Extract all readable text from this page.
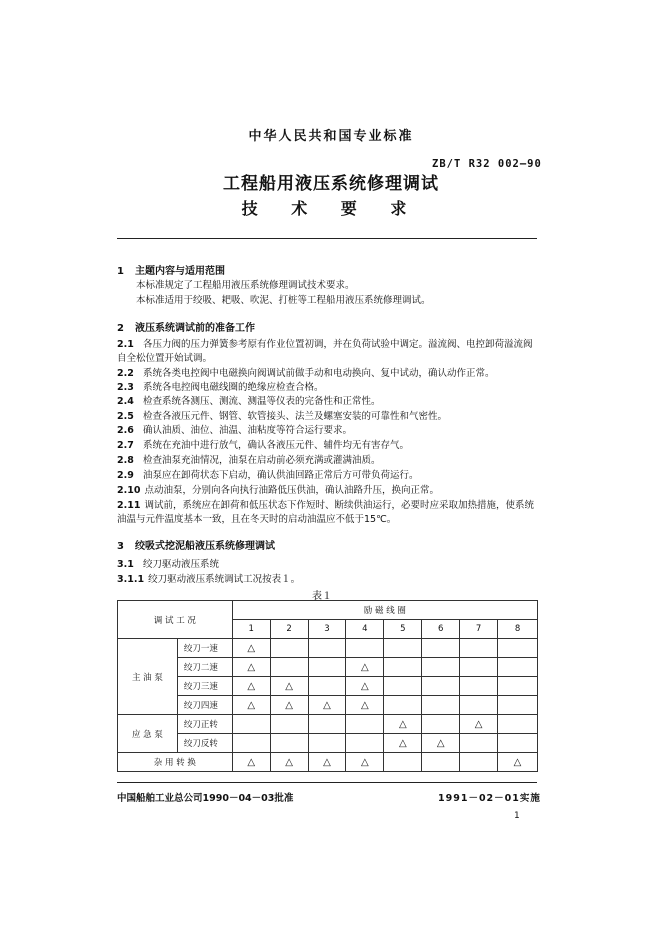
中华人民共和国专业标准
ZB/T R32 002—90
工程船用液压系统修理调试
技 术 要 求
1 主题内容与适用范围
本标准规定了工程船用液压系统修理调试技术要求。
本标准适用于绞吸、耙吸、吹泥、打桩等工程船用液压系统修理调试。
2 液压系统调试前的准备工作
2.1 各压力阀的压力弹簧参考原有作业位置初调，并在负荷试验中调定。溢流阀、电控卸荷溢流阀
自全松位置开始试调。
2.2 系统各类电控阀中电磁换向阀调试前做手动和电动换向、复中试动，确认动作正常。
2.3 系统各电控阀电磁线圈的绝缘应检查合格。
2.4 检查系统各测压、测流、测温等仪表的完备性和正常性。
2.5 检查各液压元件、钢管、软管接头、法兰及螺塞安装的可靠性和气密性。
2.6 确认油质、油位、油温、油粘度等符合运行要求。
2.7 系统在充油中进行放气，确认各液压元件、辅件均无有害存气。
2.8 检查油泵充油情况，油泵在启动前必须充满或灌满油质。
2.9 油泵应在卸荷状态下启动，确认供油回路正常后方可带负荷运行。
2.10 点动油泵，分别向各向执行油路低压供油，确认油路升压，换向正常。
2.11 调试前，系统应在卸荷和低压状态下作短时、断续供油运行，必要时应采取加热措施，使系统
油温与元件温度基本一致，且在冬天时的启动油温应不低于15℃。
3 绞吸式挖泥船液压系统修理调试
3.1 绞刀驱动液压系统
3.1.1 绞刀驱动液压系统调试工况按表１。
表１
调 试 工 况		励 磁 线 圈							
		1	2	3	4	5	6	7	8
主 油 泵	绞刀一速	△							
	绞刀二速	△			△				
	绞刀三速	△	△		△				
	绞刀四速	△	△	△	△				
应 急 泵	绞刀正转					△		△	
	绞刀反转					△	△		
杂 用 转 换		△	△	△	△				△
中国船舶工业总公司1990－04－03批准	1991－02－01实施
1
